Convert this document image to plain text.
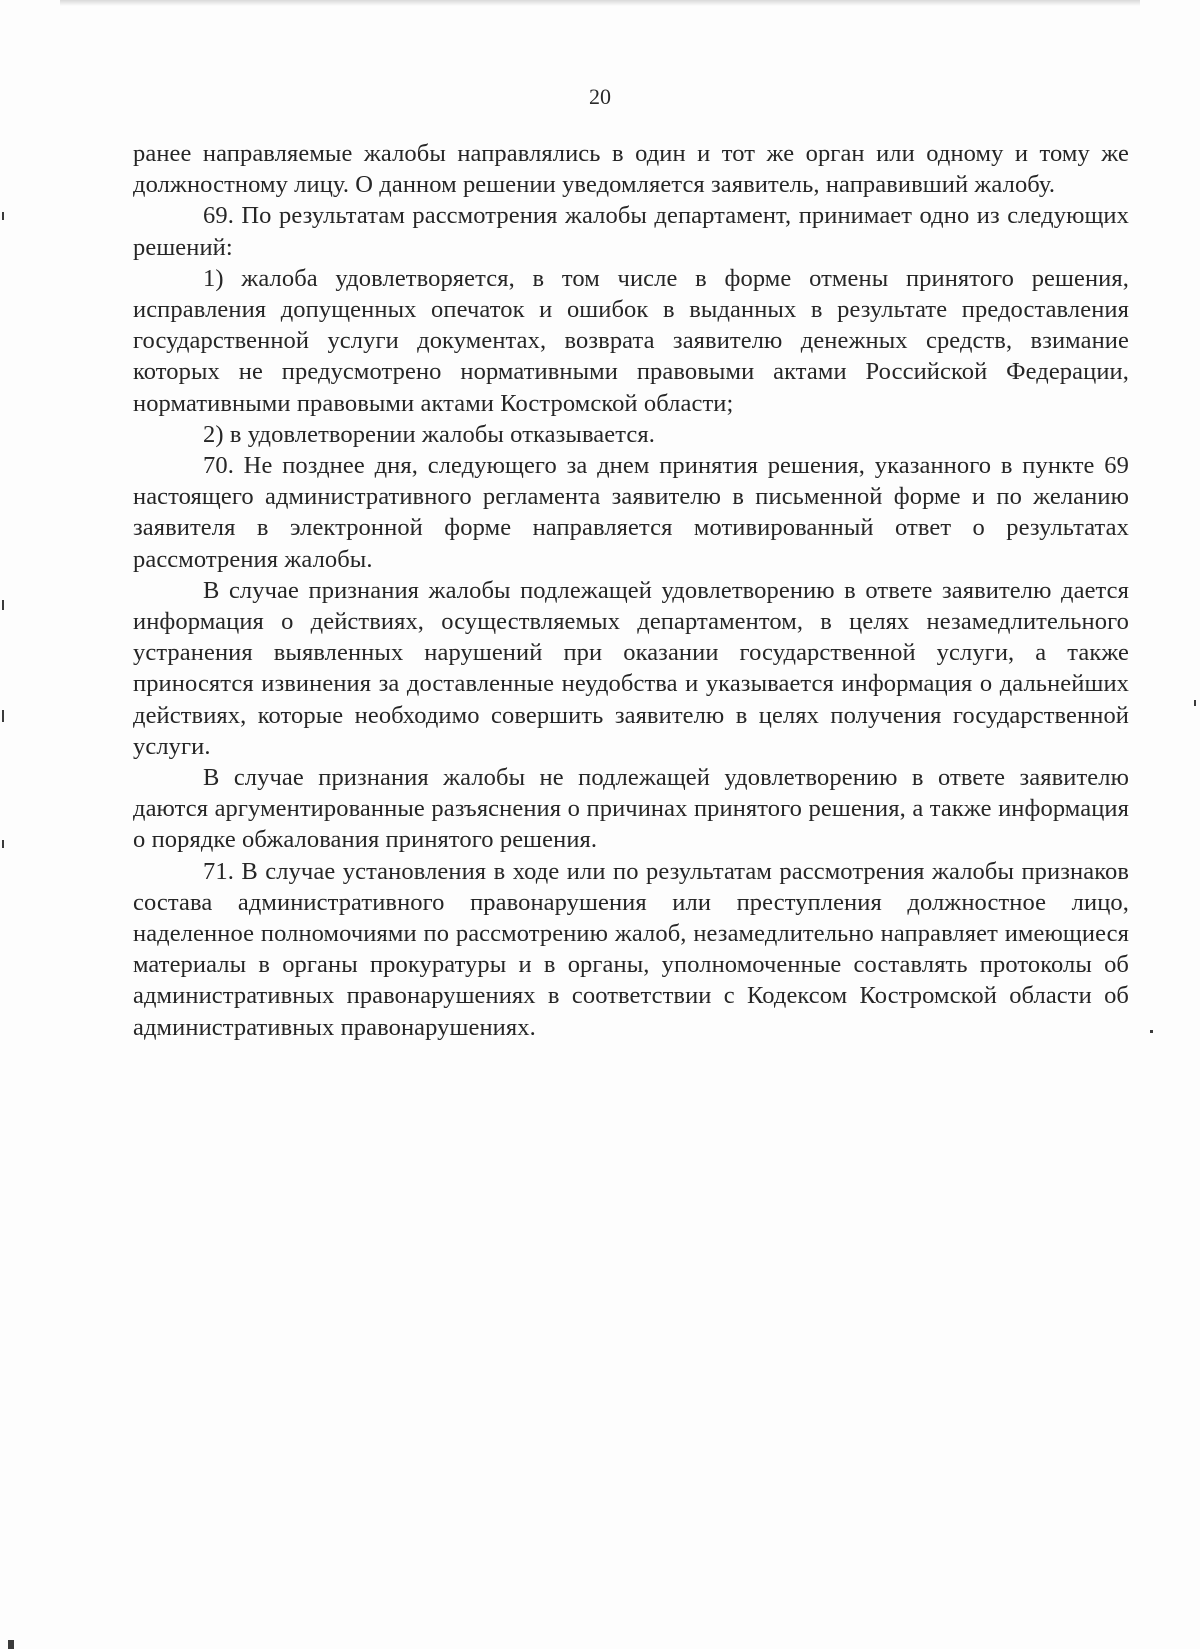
20

ранее направляемые жалобы направлялись в один и тот же орган или одному и тому же должностному лицу. О данном решении уведомляется заявитель, направивший жалобу.

69. По результатам рассмотрения жалобы департамент, принимает одно из следующих решений:

1) жалоба удовлетворяется, в том числе в форме отмены принятого решения, исправления допущенных опечаток и ошибок в выданных в результате предоставления государственной услуги документах, возврата заявителю денежных средств, взимание которых не предусмотрено нормативными правовыми актами Российской Федерации, нормативными правовыми актами Костромской области;

2) в удовлетворении жалобы отказывается.

70. Не позднее дня, следующего за днем принятия решения, указанного в пункте 69 настоящего административного регламента заявителю в письменной форме и по желанию заявителя в электронной форме направляется мотивированный ответ о результатах рассмотрения жалобы.

В случае признания жалобы подлежащей удовлетворению в ответе заявителю дается информация о действиях, осуществляемых департаментом, в целях незамедлительного устранения выявленных нарушений при оказании государственной услуги, а также приносятся извинения за доставленные неудобства и указывается информация о дальнейших действиях, которые необходимо совершить заявителю в целях получения государственной услуги.

В случае признания жалобы не подлежащей удовлетворению в ответе заявителю даются аргументированные разъяснения о причинах принятого решения, а также информация о порядке обжалования принятого решения.

71. В случае установления в ходе или по результатам рассмотрения жалобы признаков состава административного правонарушения или преступления должностное лицо, наделенное полномочиями по рассмотрению жалоб, незамедлительно направляет имеющиеся материалы в органы прокуратуры и в органы, уполномоченные составлять протоколы об административных правонарушениях в соответствии с Кодексом Костромской области об административных правонарушениях.
